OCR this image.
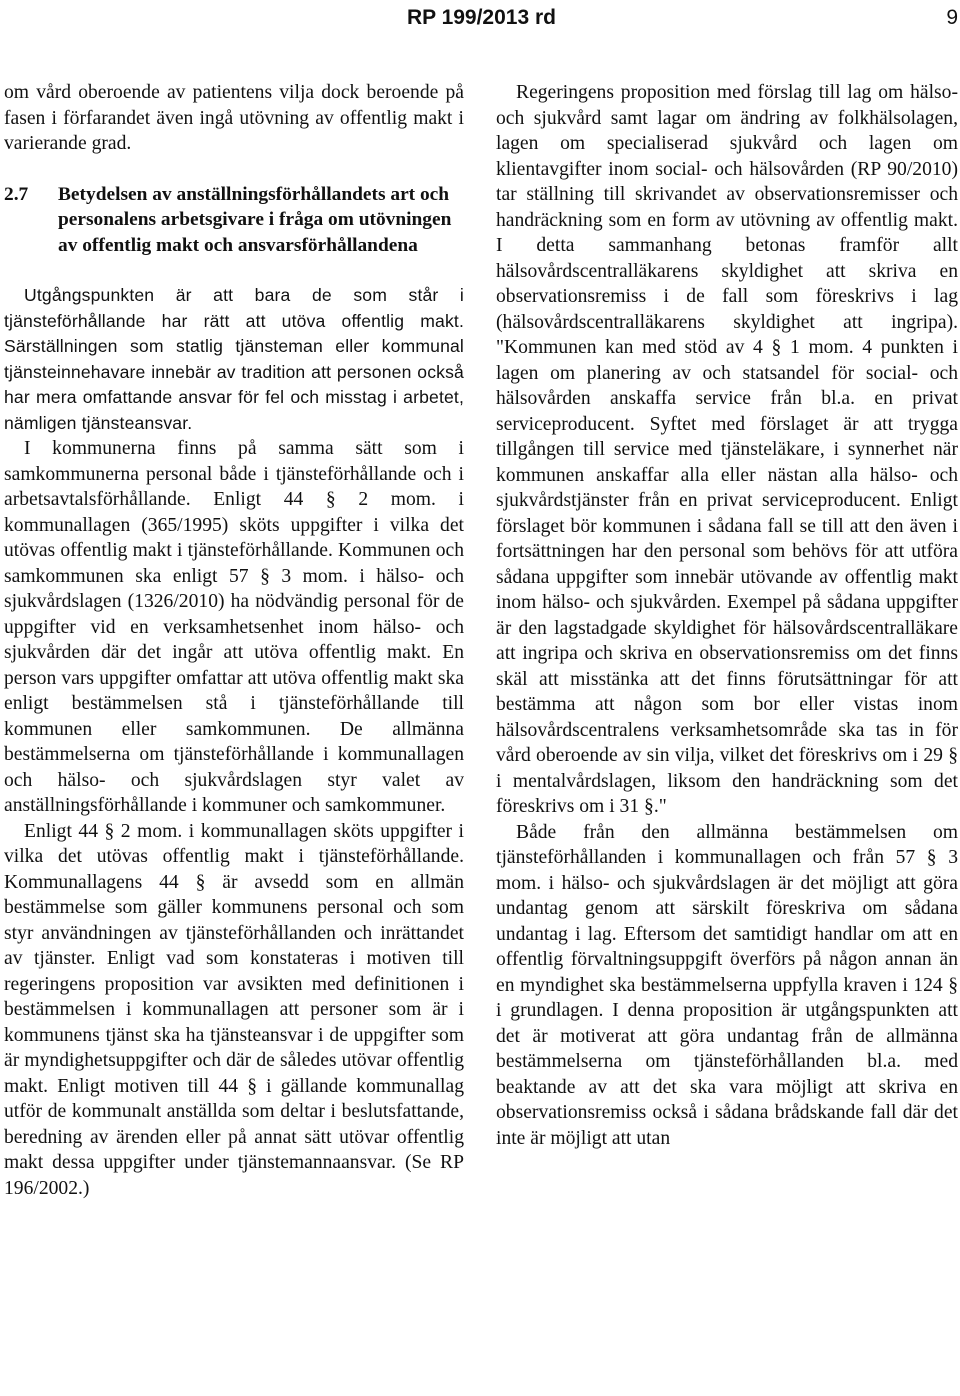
RP 199/2013 rd	9

om vård oberoende av patientens vilja dock beroende på fasen i förfarandet även ingå utövning av offentlig makt i varierande grad.

2.7	Betydelsen av anställningsförhållandets art och personalens arbetsgivare i fråga om utövningen av offentlig makt och ansvarsförhållandena

Utgångspunkten är att bara de som står i tjänsteförhållande har rätt att utöva offentlig makt. Särställningen som statlig tjänsteman eller kommunal tjänsteinnehavare innebär av tradition att personen också har mera omfattande ansvar för fel och misstag i arbetet, nämligen tjänsteansvar.

I kommunerna finns på samma sätt som i samkommunerna personal både i tjänsteförhållande och i arbetsavtalsförhållande. Enligt 44 § 2 mom. i kommunallagen (365/1995) sköts uppgifter i vilka det utövas offentlig makt i tjänsteförhållande. Kommunen och samkommunen ska enligt 57 § 3 mom. i hälso- och sjukvårdslagen (1326/2010) ha nödvändig personal för de uppgifter vid en verksamhetsenhet inom hälso- och sjukvården där det ingår att utöva offentlig makt. En person vars uppgifter omfattar att utöva offentlig makt ska enligt bestämmelsen stå i tjänsteförhållande till kommunen eller samkommunen. De allmänna bestämmelserna om tjänsteförhållande i kommunallagen och hälso- och sjukvårdslagen styr valet av anställningsförhållande i kommuner och samkommuner.

Enligt 44 § 2 mom. i kommunallagen sköts uppgifter i vilka det utövas offentlig makt i tjänsteförhållande. Kommunallagens 44 § är avsedd som en allmän bestämmelse som gäller kommunens personal och som styr användningen av tjänsteförhållanden och inrättandet av tjänster. Enligt vad som konstateras i motiven till regeringens proposition var avsikten med definitionen i bestämmelsen i kommunallagen att personer som är i kommunens tjänst ska ha tjänsteansvar i de uppgifter som är myndighetsuppgifter och där de således utövar offentlig makt. Enligt motiven till 44 § i gällande kommunallag utför de kommunalt anställda som deltar i beslutsfattande, beredning av ärenden eller på annat sätt utövar offentlig makt dessa uppgifter under tjänstemannaansvar. (Se RP 196/2002.)

Regeringens proposition med förslag till lag om hälso- och sjukvård samt lagar om ändring av folkhälsolagen, lagen om specialiserad sjukvård och lagen om klientavgifter inom social- och hälsovården (RP 90/2010) tar ställning till skrivandet av observationsremisser och handräckning som en form av utövning av offentlig makt. I detta sammanhang betonas framför allt hälsovårdscentralläkarens skyldighet att skriva en observationsremiss i de fall som föreskrivs i lag (hälsovårdscentralläkarens skyldighet att ingripa). "Kommunen kan med stöd av 4 § 1 mom. 4 punkten i lagen om planering av och statsandel för social- och hälsovården anskaffa service från bl.a. en privat serviceproducent. Syftet med förslaget är att trygga tillgången till service med tjänsteläkare, i synnerhet när kommunen anskaffar alla eller nästan alla hälso- och sjukvårdstjänster från en privat serviceproducent. Enligt förslaget bör kommunen i sådana fall se till att den även i fortsättningen har den personal som behövs för att utföra sådana uppgifter som innebär utövande av offentlig makt inom hälso- och sjukvården. Exempel på sådana uppgifter är den lagstadgade skyldighet för hälsovårdscentralläkare att ingripa och skriva en observationsremiss om det finns skäl att misstänka att det finns förutsättningar för att bestämma att någon som bor eller vistas inom hälsovårdscentralens verksamhetsområde ska tas in för vård oberoende av sin vilja, vilket det föreskrivs om i 29 § i mentalvårdslagen, liksom den handräckning som det föreskrivs om i 31 §."

Både från den allmänna bestämmelsen om tjänsteförhållanden i kommunallagen och från 57 § 3 mom. i hälso- och sjukvårdslagen är det möjligt att göra undantag genom att särskilt föreskriva om sådana undantag i lag. Eftersom det samtidigt handlar om att en offentlig förvaltningsuppgift överförs på någon annan än en myndighet ska bestämmelserna uppfylla kraven i 124 § i grundlagen. I denna proposition är utgångspunkten att det är motiverat att göra undantag från de allmänna bestämmelserna om tjänsteförhållanden bl.a. med beaktande av att det ska vara möjligt att skriva en observationsremiss också i sådana brådskande fall där det inte är möjligt att utan
